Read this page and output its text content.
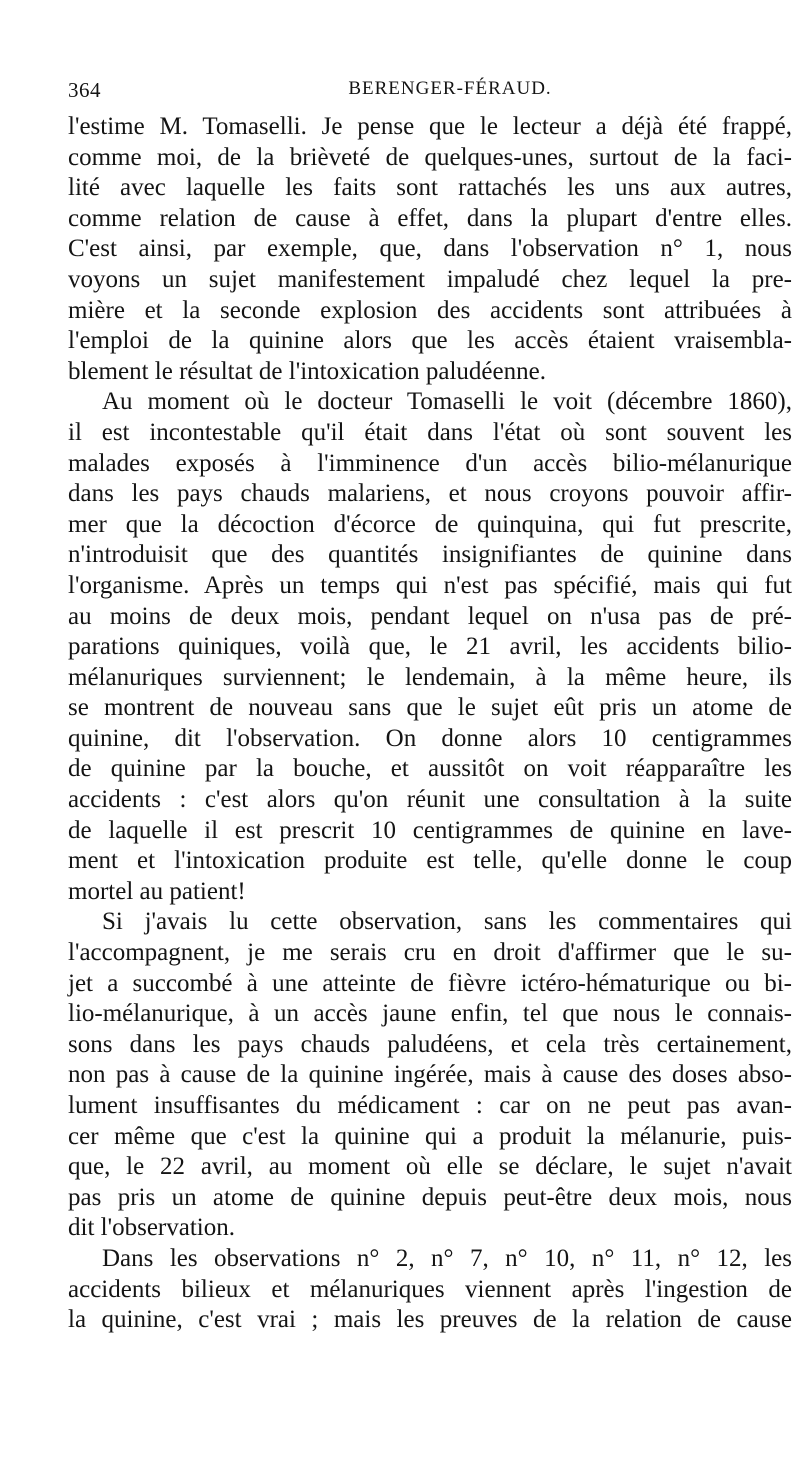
364	BERENGER-FÉRAUD.

l'estime M. Tomaselli. Je pense que le lecteur a déjà été frappé,
comme moi, de la brièveté de quelques-unes, surtout de la faci-
lité avec laquelle les faits sont rattachés les uns aux autres,
comme relation de cause à effet, dans la plupart d'entre elles.
C'est ainsi, par exemple, que, dans l'observation n° 1, nous
voyons un sujet manifestement impaludé chez lequel la pre-
mière et la seconde explosion des accidents sont attribuées à
l'emploi de la quinine alors que les accès étaient vraisembla-
blement le résultat de l'intoxication paludéenne.

Au moment où le docteur Tomaselli le voit (décembre 1860),
il est incontestable qu'il était dans l'état où sont souvent les
malades exposés à l'imminence d'un accès bilio-mélanurique
dans les pays chauds malariens, et nous croyons pouvoir affir-
mer que la décoction d'écorce de quinquina, qui fut prescrite,
n'introduisit que des quantités insignifiantes de quinine dans
l'organisme. Après un temps qui n'est pas spécifié, mais qui fut
au moins de deux mois, pendant lequel on n'usa pas de pré-
parations quiniques, voilà que, le 21 avril, les accidents bilio-
mélanuriques surviennent; le lendemain, à la même heure, ils
se montrent de nouveau sans que le sujet eût pris un atome de
quinine, dit l'observation. On donne alors 10 centigrammes
de quinine par la bouche, et aussitôt on voit réapparaître les
accidents : c'est alors qu'on réunit une consultation à la suite
de laquelle il est prescrit 10 centigrammes de quinine en lave-
ment et l'intoxication produite est telle, qu'elle donne le coup
mortel au patient!

Si j'avais lu cette observation, sans les commentaires qui
l'accompagnent, je me serais cru en droit d'affirmer que le su-
jet a succombé à une atteinte de fièvre ictéro-hématurique ou bi-
lio-mélanurique, à un accès jaune enfin, tel que nous le connais-
sons dans les pays chauds paludéens, et cela très certainement,
non pas à cause de la quinine ingérée, mais à cause des doses abso-
lument insuffisantes du médicament : car on ne peut pas avan-
cer même que c'est la quinine qui a produit la mélanurie, puis-
que, le 22 avril, au moment où elle se déclare, le sujet n'avait
pas pris un atome de quinine depuis peut-être deux mois, nous
dit l'observation.

Dans les observations n° 2, n° 7, n° 10, n° 11, n° 12, les
accidents bilieux et mélanuriques viennent après l'ingestion de
la quinine, c'est vrai ; mais les preuves de la relation de cause
